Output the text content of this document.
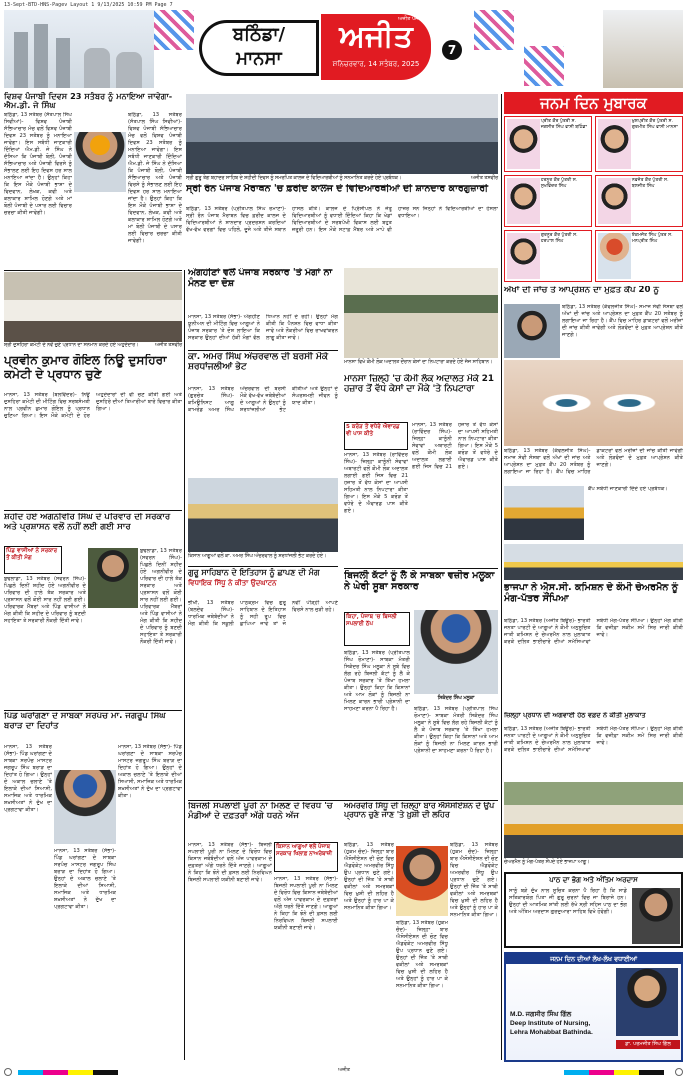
13-Sept-BTD-HNS-Pagev Layout 1 9/13/2025 10:59 PM Page 7
ਬਠਿੰਡਾ/
ਮਾਨਸਾ
ਅਜੀਤ ਪੰਜਾਬ
ਅਜੀਤ
ਸ਼ਨਿਚਰਵਾਰ, 14 ਸਤੰਬਰ, 2025
7
ਵਿਸ਼ਵ ਪੰਜਾਬੀ ਦਿਵਸ 23 ਸਤੰਬਰ ਨੂੰ ਮਨਾਇਆ ਜਾਵੇਗਾ- ਐਮ.ਡੀ. ਜੇ ਸਿੰਘ
ਬਠਿੰਡਾ, 13 ਸਤੰਬਰ (ਸੱਤਪਾਲ ਸਿੰਘ ਸਿਵੀਆਂ)- ਵਿਸ਼ਵ ਪੰਜਾਬੀ ਸੱਭਿਆਚਾਰ ਮੰਚ ਵਲੋਂ ਵਿਸ਼ਵ ਪੰਜਾਬੀ ਦਿਵਸ 23 ਸਤੰਬਰ ਨੂੰ ਮਨਾਇਆ ਜਾਵੇਗਾ। ਇਸ ਸਬੰਧੀ ਜਾਣਕਾਰੀ ਦਿੰਦਿਆਂ ਐਮ.ਡੀ. ਜੇ ਸਿੰਘ ਨੇ ਦੱਸਿਆ ਕਿ ਪੰਜਾਬੀ ਬੋਲੀ, ਪੰਜਾਬੀ ਸੱਭਿਆਚਾਰ ਅਤੇ ਪੰਜਾਬੀ ਵਿਰਸੇ ਨੂੰ ਸੰਭਾਲਣ ਲਈ ਇਹ ਦਿਵਸ ਹਰ ਸਾਲ ਮਨਾਇਆ ਜਾਂਦਾ ਹੈ। ਉਨ੍ਹਾਂ ਕਿਹਾ ਕਿ ਇਸ ਮੌਕੇ ਪੰਜਾਬੀ ਭਾਸ਼ਾ ਦੇ ਵਿਦਵਾਨ, ਲੇਖਕ, ਕਵੀ ਅਤੇ ਕਲਾਕਾਰ ਸ਼ਾਮਿਲ ਹੋਣਗੇ ਅਤੇ ਮਾਂ ਬੋਲੀ ਪੰਜਾਬੀ ਦੇ ਪਸਾਰ ਲਈ ਵਿਚਾਰ ਚਰਚਾ ਕੀਤੀ ਜਾਵੇਗੀ।
ਬਠਿੰਡਾ, 13 ਸਤੰਬਰ (ਸੱਤਪਾਲ ਸਿੰਘ ਸਿਵੀਆਂ)- ਵਿਸ਼ਵ ਪੰਜਾਬੀ ਸੱਭਿਆਚਾਰ ਮੰਚ ਵਲੋਂ ਵਿਸ਼ਵ ਪੰਜਾਬੀ ਦਿਵਸ 23 ਸਤੰਬਰ ਨੂੰ ਮਨਾਇਆ ਜਾਵੇਗਾ। ਇਸ ਸਬੰਧੀ ਜਾਣਕਾਰੀ ਦਿੰਦਿਆਂ ਐਮ.ਡੀ. ਜੇ ਸਿੰਘ ਨੇ ਦੱਸਿਆ ਕਿ ਪੰਜਾਬੀ ਬੋਲੀ, ਪੰਜਾਬੀ ਸੱਭਿਆਚਾਰ ਅਤੇ ਪੰਜਾਬੀ ਵਿਰਸੇ ਨੂੰ ਸੰਭਾਲਣ ਲਈ ਇਹ ਦਿਵਸ ਹਰ ਸਾਲ ਮਨਾਇਆ ਜਾਂਦਾ ਹੈ। ਉਨ੍ਹਾਂ ਕਿਹਾ ਕਿ ਇਸ ਮੌਕੇ ਪੰਜਾਬੀ ਭਾਸ਼ਾ ਦੇ ਵਿਦਵਾਨ, ਲੇਖਕ, ਕਵੀ ਅਤੇ ਕਲਾਕਾਰ ਸ਼ਾਮਿਲ ਹੋਣਗੇ ਅਤੇ ਮਾਂ ਬੋਲੀ ਪੰਜਾਬੀ ਦੇ ਪਸਾਰ ਲਈ ਵਿਚਾਰ ਚਰਚਾ ਕੀਤੀ ਜਾਵੇਗੀ।
ਸ੍ਰੀ ਗੁਰੂ ਤੇਗ ਬਹਾਦਰ ਸਾਹਿਬ ਦੇ ਸ਼ਹੀਦੀ ਦਿਵਸ ਨੂੰ ਸਮਰਪਿਤ ਕਾਲਜ ਦੇ ਵਿਦਿਆਰਥੀਆਂ ਨੂੰ ਸਨਮਾਨਿਤ ਕਰਦੇ ਹੋਏ ਪ੍ਰਬੰਧਕ।	ਅਜੀਤ ਤਸਵੀਰ
ਸ੍ਰੀ ਰੰਨ ਪੰਜਾਬ ਮੈਰਾਥਨ 'ਚ ਫ਼ਰੀਦ ਕਾਲਜ ਦੇ ਵਿਦਿਆਰਥੀਆਂ ਦੀ ਸ਼ਾਨਦਾਰ ਕਾਰਗੁਜ਼ਾਰੀ
ਬਠਿੰਡਾ, 13 ਸਤੰਬਰ (ਪ੍ਰੀਤਪਾਲ ਸਿੰਘ ਰੋਮਾਣਾ)- ਸ੍ਰੀ ਰੰਨ ਪੰਜਾਬ ਮੈਰਾਥਨ ਵਿਚ ਫ਼ਰੀਦ ਕਾਲਜ ਦੇ ਵਿਦਿਆਰਥੀਆਂ ਨੇ ਸ਼ਾਨਦਾਰ ਪ੍ਰਦਰਸ਼ਨ ਕਰਦਿਆਂ ਵੱਖ-ਵੱਖ ਵਰਗਾਂ ਵਿਚ ਪਹਿਲੇ, ਦੂਜੇ ਅਤੇ ਤੀਜੇ ਸਥਾਨ ਹਾਸਲ ਕੀਤੇ। ਕਾਲਜ ਦੇ ਪ੍ਰਿੰਸੀਪਲ ਨੇ ਜੇਤੂ ਵਿਦਿਆਰਥੀਆਂ ਨੂੰ ਵਧਾਈ ਦਿੰਦਿਆਂ ਕਿਹਾ ਕਿ ਖੇਡਾਂ ਵਿਦਿਆਰਥੀਆਂ ਦੇ ਸਰਬਪੱਖੀ ਵਿਕਾਸ ਲਈ ਬਹੁਤ ਜ਼ਰੂਰੀ ਹਨ। ਇਸ ਮੌਕੇ ਸਟਾਫ਼ ਮੈਂਬਰ ਅਤੇ ਮਾਪੇ ਵੀ ਹਾਜ਼ਰ ਸਨ ਜਿਨ੍ਹਾਂ ਨੇ ਵਿਦਿਆਰਥੀਆਂ ਦਾ ਹੌਸਲਾ ਵਧਾਇਆ।
ਸ਼੍ਰੀ ਦੁਸਹਿਰਾ ਕਮੇਟੀ ਦੇ ਨਵੇਂ ਚੁਣੇ ਪ੍ਰਧਾਨ ਦਾ ਸਨਮਾਨ ਕਰਦੇ ਹੋਏ ਅਹੁਦੇਦਾਰ।	ਅਜੀਤ ਤਸਵੀਰ
ਪ੍ਰਵੀਨ ਕੁਮਾਰ ਗੋਇਲ ਨਿਊ ਦੁਸਹਿਰਾ ਕਮੇਟੀ ਦੇ ਪ੍ਰਧਾਨ ਚੁਣੇ
ਮਾਨਸਾ, 13 ਸਤੰਬਰ (ਬਲਵਿੰਦਰ)- ਨਿਊ ਦੁਸਹਿਰਾ ਕਮੇਟੀ ਦੀ ਮੀਟਿੰਗ ਵਿਚ ਸਰਬਸੰਮਤੀ ਨਾਲ ਪ੍ਰਵੀਨ ਕੁਮਾਰ ਗੋਇਲ ਨੂੰ ਪ੍ਰਧਾਨ ਚੁਣਿਆ ਗਿਆ। ਇਸ ਮੌਕੇ ਕਮੇਟੀ ਦੇ ਹੋਰ ਅਹੁਦੇਦਾਰਾਂ ਦੀ ਵੀ ਚੋਣ ਕੀਤੀ ਗਈ ਅਤੇ ਦੁਸਹਿਰੇ ਦੀਆਂ ਤਿਆਰੀਆਂ ਬਾਰੇ ਵਿਚਾਰ ਕੀਤਾ ਗਿਆ।
ਸ਼ਹੀਦ ਹੋਏ ਅਗਨੀਵੀਰ ਸਿੰਘ ਦੇ ਪਰਿਵਾਰ ਦੀ ਸਰਕਾਰ ਅਤੇ ਪ੍ਰਸ਼ਾਸਨ ਵਲੋਂ ਨਹੀਂ ਲਈ ਗਈ ਸਾਰ
ਪਿੰਡ ਵਾਸੀਆਂ ਨੇ ਸਰਕਾਰ ਤੋਂ ਕੀਤੀ ਮੰਗ
ਬੁਢਲਾਡਾ, 13 ਸਤੰਬਰ (ਸਵਰਨ ਸਿੰਘ)- ਪਿਛਲੇ ਦਿਨੀਂ ਸ਼ਹੀਦ ਹੋਏ ਅਗਨੀਵੀਰ ਦੇ ਪਰਿਵਾਰ ਦੀ ਹਾਲੇ ਤੱਕ ਸਰਕਾਰ ਅਤੇ ਪ੍ਰਸ਼ਾਸਨ ਵਲੋਂ ਕੋਈ ਸਾਰ ਨਹੀਂ ਲਈ ਗਈ। ਪਰਿਵਾਰਕ ਮੈਂਬਰਾਂ ਅਤੇ ਪਿੰਡ ਵਾਸੀਆਂ ਨੇ ਮੰਗ ਕੀਤੀ ਕਿ ਸ਼ਹੀਦ ਦੇ ਪਰਿਵਾਰ ਨੂੰ ਬਣਦੀ ਸਹਾਇਤਾ ਤੇ ਸਰਕਾਰੀ ਨੌਕਰੀ ਦਿੱਤੀ ਜਾਵੇ।
ਬੁਢਲਾਡਾ, 13 ਸਤੰਬਰ (ਸਵਰਨ ਸਿੰਘ)- ਪਿਛਲੇ ਦਿਨੀਂ ਸ਼ਹੀਦ ਹੋਏ ਅਗਨੀਵੀਰ ਦੇ ਪਰਿਵਾਰ ਦੀ ਹਾਲੇ ਤੱਕ ਸਰਕਾਰ ਅਤੇ ਪ੍ਰਸ਼ਾਸਨ ਵਲੋਂ ਕੋਈ ਸਾਰ ਨਹੀਂ ਲਈ ਗਈ। ਪਰਿਵਾਰਕ ਮੈਂਬਰਾਂ ਅਤੇ ਪਿੰਡ ਵਾਸੀਆਂ ਨੇ ਮੰਗ ਕੀਤੀ ਕਿ ਸ਼ਹੀਦ ਦੇ ਪਰਿਵਾਰ ਨੂੰ ਬਣਦੀ ਸਹਾਇਤਾ ਤੇ ਸਰਕਾਰੀ ਨੌਕਰੀ ਦਿੱਤੀ ਜਾਵੇ।
ਪਿੰਡ ਘਰਾਂਗਣਾ ਦੇ ਸਾਬਕਾ ਸਰਪੰਚ ਮਾ. ਜਗਰੂਪ ਸਿੰਘ ਬਰਾੜ ਦਾ ਦਿਹਾਂਤ
ਮਾਨਸਾ, 13 ਸਤੰਬਰ (ਸੱਭਾ)- ਪਿੰਡ ਘਰਾਂਗਣਾ ਦੇ ਸਾਬਕਾ ਸਰਪੰਚ ਮਾਸਟਰ ਜਗਰੂਪ ਸਿੰਘ ਬਰਾੜ ਦਾ ਦਿਹਾਂਤ ਹੋ ਗਿਆ। ਉਨ੍ਹਾਂ ਦੇ ਅਕਾਲ ਚਲਾਣੇ 'ਤੇ ਇਲਾਕੇ ਦੀਆਂ ਸਿਆਸੀ, ਸਮਾਜਿਕ ਅਤੇ ਧਾਰਮਿਕ ਸ਼ਖ਼ਸੀਅਤਾਂ ਨੇ ਦੁੱਖ ਦਾ ਪ੍ਰਗਟਾਵਾ ਕੀਤਾ।
ਮਾਨਸਾ, 13 ਸਤੰਬਰ (ਸੱਭਾ)- ਪਿੰਡ ਘਰਾਂਗਣਾ ਦੇ ਸਾਬਕਾ ਸਰਪੰਚ ਮਾਸਟਰ ਜਗਰੂਪ ਸਿੰਘ ਬਰਾੜ ਦਾ ਦਿਹਾਂਤ ਹੋ ਗਿਆ। ਉਨ੍ਹਾਂ ਦੇ ਅਕਾਲ ਚਲਾਣੇ 'ਤੇ ਇਲਾਕੇ ਦੀਆਂ ਸਿਆਸੀ, ਸਮਾਜਿਕ ਅਤੇ ਧਾਰਮਿਕ ਸ਼ਖ਼ਸੀਅਤਾਂ ਨੇ ਦੁੱਖ ਦਾ ਪ੍ਰਗਟਾਵਾ ਕੀਤਾ।
ਮਾਨਸਾ, 13 ਸਤੰਬਰ (ਸੱਭਾ)- ਪਿੰਡ ਘਰਾਂਗਣਾ ਦੇ ਸਾਬਕਾ ਸਰਪੰਚ ਮਾਸਟਰ ਜਗਰੂਪ ਸਿੰਘ ਬਰਾੜ ਦਾ ਦਿਹਾਂਤ ਹੋ ਗਿਆ। ਉਨ੍ਹਾਂ ਦੇ ਅਕਾਲ ਚਲਾਣੇ 'ਤੇ ਇਲਾਕੇ ਦੀਆਂ ਸਿਆਸੀ, ਸਮਾਜਿਕ ਅਤੇ ਧਾਰਮਿਕ ਸ਼ਖ਼ਸੀਅਤਾਂ ਨੇ ਦੁੱਖ ਦਾ ਪ੍ਰਗਟਾਵਾ ਕੀਤਾ।
ਅੰਗਹੀਣਾਂ ਵਲੋਂ ਪੰਜਾਬ ਸਰਕਾਰ 'ਤੇ ਮੰਗਾਂ ਨਾ ਮੰਨਣ ਦਾ ਦੋਸ਼
ਮਾਨਸਾ, 13 ਸਤੰਬਰ (ਸੱਭਾ)- ਅੰਗਹੀਣ ਯੂਨੀਅਨ ਦੀ ਮੀਟਿੰਗ ਵਿਚ ਆਗੂਆਂ ਨੇ ਪੰਜਾਬ ਸਰਕਾਰ 'ਤੇ ਦੋਸ਼ ਲਾਇਆ ਕਿ ਸਰਕਾਰ ਉਨ੍ਹਾਂ ਦੀਆਂ ਹੱਕੀ ਮੰਗਾਂ ਵੱਲ ਧਿਆਨ ਨਹੀਂ ਦੇ ਰਹੀ। ਉਨ੍ਹਾਂ ਮੰਗ ਕੀਤੀ ਕਿ ਪੈਨਸ਼ਨ ਵਿਚ ਵਾਧਾ ਕੀਤਾ ਜਾਵੇ ਅਤੇ ਨੌਕਰੀਆਂ ਵਿਚ ਰਾਖਵਾਂਕਰਨ ਲਾਗੂ ਕੀਤਾ ਜਾਵੇ।
ਮਾਨਸਾ ਵਿਖੇ ਕੌਮੀ ਲੋਕ ਅਦਾਲਤ ਦੌਰਾਨ ਕੇਸਾਂ ਦਾ ਨਿਪਟਾਰਾ ਕਰਦੇ ਹੋਏ ਜੱਜ ਸਾਹਿਬਾਨ।
ਮਾਨਸਾ ਜ਼ਿਲ੍ਹੇ 'ਚ ਕੌਮੀ ਲੋਕ ਅਦਾਲਤ ਮੌਕੇ 21 ਹਜ਼ਾਰ ਤੋਂ ਵੱਧ ਕੇਸਾਂ ਦਾ ਮੌਕੇ 'ਤੇ ਨਿਪਟਾਰਾ
ਕਾ. ਅਮਰ ਸਿੰਘ ਅੰਚਰਵਾਲ ਦੀ ਬਰਸੀ ਮੌਕੇ ਸ਼ਰਧਾਂਜਲੀਆਂ ਭੇਟ
ਮਾਨਸਾ, 13 ਸਤੰਬਰ (ਗੁਰਚੇਤ ਸਿੰਘ)- ਕਮਿਊਨਿਸਟ ਆਗੂ ਕਾਮਰੇਡ ਅਮਰ ਸਿੰਘ ਅੰਚਰਵਾਲ ਦੀ ਬਰਸੀ ਮੌਕੇ ਵੱਖ-ਵੱਖ ਜਥੇਬੰਦੀਆਂ ਦੇ ਆਗੂਆਂ ਨੇ ਉਨ੍ਹਾਂ ਨੂੰ ਸ਼ਰਧਾਂਜਲੀਆਂ ਭੇਟ ਕੀਤੀਆਂ ਅਤੇ ਉਨ੍ਹਾਂ ਦੇ ਸੰਘਰਸ਼ਮਈ ਜੀਵਨ ਨੂੰ ਯਾਦ ਕੀਤਾ।
ਕਿਸਾਨ ਆਗੂਆਂ ਵਲੋਂ ਕਾ. ਅਮਰ ਸਿੰਘ ਅੰਚਰਵਾਲ ਨੂੰ ਸ਼ਰਧਾਂਜਲੀ ਭੇਟ ਕਰਦੇ ਹੋਏ।
5 ਕਰੋੜ ਤੋਂ ਵਧੇਰੇ ਐਵਾਰਡ ਵੀ ਪਾਸ ਕੀਤੇ
ਮਾਨਸਾ, 13 ਸਤੰਬਰ (ਰਾਵਿੰਦਰ ਸਿੰਘ)- ਜ਼ਿਲ੍ਹਾ ਕਾਨੂੰਨੀ ਸੇਵਾਵਾਂ ਅਥਾਰਟੀ ਵਲੋਂ ਕੌਮੀ ਲੋਕ ਅਦਾਲਤ ਲਗਾਈ ਗਈ ਜਿਸ ਵਿਚ 21 ਹਜ਼ਾਰ ਤੋਂ ਵੱਧ ਕੇਸਾਂ ਦਾ ਆਪਸੀ ਸਹਿਮਤੀ ਨਾਲ ਨਿਪਟਾਰਾ ਕੀਤਾ ਗਿਆ। ਇਸ ਮੌਕੇ 5 ਕਰੋੜ ਤੋਂ ਵਧੇਰੇ ਦੇ ਐਵਾਰਡ ਪਾਸ ਕੀਤੇ ਗਏ।
ਮਾਨਸਾ, 13 ਸਤੰਬਰ (ਰਾਵਿੰਦਰ ਸਿੰਘ)- ਜ਼ਿਲ੍ਹਾ ਕਾਨੂੰਨੀ ਸੇਵਾਵਾਂ ਅਥਾਰਟੀ ਵਲੋਂ ਕੌਮੀ ਲੋਕ ਅਦਾਲਤ ਲਗਾਈ ਗਈ ਜਿਸ ਵਿਚ 21 ਹਜ਼ਾਰ ਤੋਂ ਵੱਧ ਕੇਸਾਂ ਦਾ ਆਪਸੀ ਸਹਿਮਤੀ ਨਾਲ ਨਿਪਟਾਰਾ ਕੀਤਾ ਗਿਆ। ਇਸ ਮੌਕੇ 5 ਕਰੋੜ ਤੋਂ ਵਧੇਰੇ ਦੇ ਐਵਾਰਡ ਪਾਸ ਕੀਤੇ ਗਏ।
ਗੁਰੂ ਸਾਹਿਬਾਨ ਦੇ ਇਤਿਹਾਸ ਨੂੰ ਛਾਪਣ ਦੀ ਮੰਗ
ਵਿਧਾਇਕ ਸਿੱਧੂ ਨੇ ਕੀਤਾ ਉਦਘਾਟਨ
ਭੀਖੀ, 13 ਸਤੰਬਰ (ਬਲਦੇਵ ਸਿੰਘ)- ਧਾਰਮਿਕ ਜਥੇਬੰਦੀਆਂ ਨੇ ਮੰਗ ਕੀਤੀ ਕਿ ਸਕੂਲੀ ਪਾਠਕ੍ਰਮ ਵਿਚ ਗੁਰੂ ਸਾਹਿਬਾਨ ਦੇ ਇਤਿਹਾਸ ਨੂੰ ਸਹੀ ਰੂਪ ਵਿਚ ਛਾਪਿਆ ਜਾਵੇ ਤਾਂ ਜੋ ਨਵੀਂ ਪੀੜ੍ਹੀ ਆਪਣੇ ਵਿਰਸੇ ਨਾਲ ਜੁੜੀ ਰਹੇ।
ਬਿਜਲੀ ਕੱਟਾਂ ਨੂੰ ਲੈ ਕੇ ਸਾਬਕਾ ਵਜ਼ੀਰ ਮਲੂਕਾ ਨੇ ਘੇਰੀ ਸੂਬਾ ਸਰਕਾਰ
ਕਿਹਾ, ਪੰਜਾਬ 'ਚ ਬਿਜਲੀ ਸਪਲਾਈ ਠੱਪ
ਸਿਕੰਦਰ ਸਿੰਘ ਮਲੂਕਾ
ਬਠਿੰਡਾ, 13 ਸਤੰਬਰ (ਪ੍ਰੀਤਪਾਲ ਸਿੰਘ ਰੋਮਾਣਾ)- ਸਾਬਕਾ ਮੰਤਰੀ ਸਿਕੰਦਰ ਸਿੰਘ ਮਲੂਕਾ ਨੇ ਸੂਬੇ ਵਿਚ ਲੱਗ ਰਹੇ ਬਿਜਲੀ ਕੱਟਾਂ ਨੂੰ ਲੈ ਕੇ ਪੰਜਾਬ ਸਰਕਾਰ 'ਤੇ ਤਿੱਖਾ ਹਮਲਾ ਕੀਤਾ। ਉਨ੍ਹਾਂ ਕਿਹਾ ਕਿ ਕਿਸਾਨਾਂ ਅਤੇ ਆਮ ਲੋਕਾਂ ਨੂੰ ਬਿਜਲੀ ਨਾ ਮਿਲਣ ਕਾਰਨ ਭਾਰੀ ਪ੍ਰੇਸ਼ਾਨੀ ਦਾ ਸਾਹਮਣਾ ਕਰਨਾ ਪੈ ਰਿਹਾ ਹੈ।	ਬਠਿੰਡਾ, 13 ਸਤੰਬਰ (ਪ੍ਰੀਤਪਾਲ ਸਿੰਘ ਰੋਮਾਣਾ)- ਸਾਬਕਾ ਮੰਤਰੀ ਸਿਕੰਦਰ ਸਿੰਘ ਮਲੂਕਾ ਨੇ ਸੂਬੇ ਵਿਚ ਲੱਗ ਰਹੇ ਬਿਜਲੀ ਕੱਟਾਂ ਨੂੰ ਲੈ ਕੇ ਪੰਜਾਬ ਸਰਕਾਰ 'ਤੇ ਤਿੱਖਾ ਹਮਲਾ ਕੀਤਾ। ਉਨ੍ਹਾਂ ਕਿਹਾ ਕਿ ਕਿਸਾਨਾਂ ਅਤੇ ਆਮ ਲੋਕਾਂ ਨੂੰ ਬਿਜਲੀ ਨਾ ਮਿਲਣ ਕਾਰਨ ਭਾਰੀ ਪ੍ਰੇਸ਼ਾਨੀ ਦਾ ਸਾਹਮਣਾ ਕਰਨਾ ਪੈ ਰਿਹਾ ਹੈ।
ਬਿਜਲੀ ਸਪਲਾਈ ਪੂਰੀ ਨਾ ਮਿਲਣ ਦੇ ਵਿਰੋਧ 'ਚ ਮੰਡੀਆਂ ਦੇ ਦਫ਼ਤਰਾਂ ਅੱਗੇ ਧਰਨੇ ਅੱਜ
ਕਿਸਾਨ ਆਗੂਆਂ ਵਲੋਂ ਪੰਜਾਬ ਸਰਕਾਰ ਖਿਲਾਫ਼ ਨਾਅਰੇਬਾਜ਼ੀ
ਮਾਨਸਾ, 13 ਸਤੰਬਰ (ਸੱਭਾ)- ਬਿਜਲੀ ਸਪਲਾਈ ਪੂਰੀ ਨਾ ਮਿਲਣ ਦੇ ਵਿਰੋਧ ਵਿਚ ਕਿਸਾਨ ਜਥੇਬੰਦੀਆਂ ਵਲੋਂ ਅੱਜ ਪਾਵਰਕਾਮ ਦੇ ਦਫ਼ਤਰਾਂ ਅੱਗੇ ਧਰਨੇ ਦਿੱਤੇ ਜਾਣਗੇ। ਆਗੂਆਂ ਨੇ ਕਿਹਾ ਕਿ ਝੋਨੇ ਦੀ ਫ਼ਸਲ ਲਈ ਨਿਰਵਿਘਨ ਬਿਜਲੀ ਸਪਲਾਈ ਯਕੀਨੀ ਬਣਾਈ ਜਾਵੇ।	ਮਾਨਸਾ, 13 ਸਤੰਬਰ (ਸੱਭਾ)- ਬਿਜਲੀ ਸਪਲਾਈ ਪੂਰੀ ਨਾ ਮਿਲਣ ਦੇ ਵਿਰੋਧ ਵਿਚ ਕਿਸਾਨ ਜਥੇਬੰਦੀਆਂ ਵਲੋਂ ਅੱਜ ਪਾਵਰਕਾਮ ਦੇ ਦਫ਼ਤਰਾਂ ਅੱਗੇ ਧਰਨੇ ਦਿੱਤੇ ਜਾਣਗੇ। ਆਗੂਆਂ ਨੇ ਕਿਹਾ ਕਿ ਝੋਨੇ ਦੀ ਫ਼ਸਲ ਲਈ ਨਿਰਵਿਘਨ ਬਿਜਲੀ ਸਪਲਾਈ ਯਕੀਨੀ ਬਣਾਈ ਜਾਵੇ।
ਅਮਰਵੀਰ ਸਿੱਧੂ ਦੀ ਜ਼ਿਲ੍ਹਾ ਬਾਰ ਐਸੋਸੀਏਸ਼ਨ ਦੇ ਉਪ ਪ੍ਰਧਾਨ ਚੁਣੇ ਜਾਣ 'ਤੇ ਖ਼ੁਸ਼ੀ ਦੀ ਲਹਿਰ
ਬਠਿੰਡਾ, 13 ਸਤੰਬਰ (ਹੁਕਮ ਚੰਦ)- ਜ਼ਿਲ੍ਹਾ ਬਾਰ ਐਸੋਸੀਏਸ਼ਨ ਦੀ ਚੋਣ ਵਿਚ ਐਡਵੋਕੇਟ ਅਮਰਵੀਰ ਸਿੱਧੂ ਉਪ ਪ੍ਰਧਾਨ ਚੁਣੇ ਗਏ। ਉਨ੍ਹਾਂ ਦੀ ਜਿੱਤ 'ਤੇ ਸਾਥੀ ਵਕੀਲਾਂ ਅਤੇ ਸਮਰਥਕਾਂ ਵਿਚ ਖ਼ੁਸ਼ੀ ਦੀ ਲਹਿਰ ਹੈ ਅਤੇ ਉਨ੍ਹਾਂ ਨੂੰ ਹਾਰ ਪਾ ਕੇ ਸਨਮਾਨਿਤ ਕੀਤਾ ਗਿਆ।
ਬਠਿੰਡਾ, 13 ਸਤੰਬਰ (ਹੁਕਮ ਚੰਦ)- ਜ਼ਿਲ੍ਹਾ ਬਾਰ ਐਸੋਸੀਏਸ਼ਨ ਦੀ ਚੋਣ ਵਿਚ ਐਡਵੋਕੇਟ ਅਮਰਵੀਰ ਸਿੱਧੂ ਉਪ ਪ੍ਰਧਾਨ ਚੁਣੇ ਗਏ। ਉਨ੍ਹਾਂ ਦੀ ਜਿੱਤ 'ਤੇ ਸਾਥੀ ਵਕੀਲਾਂ ਅਤੇ ਸਮਰਥਕਾਂ ਵਿਚ ਖ਼ੁਸ਼ੀ ਦੀ ਲਹਿਰ ਹੈ ਅਤੇ ਉਨ੍ਹਾਂ ਨੂੰ ਹਾਰ ਪਾ ਕੇ ਸਨਮਾਨਿਤ ਕੀਤਾ ਗਿਆ।
ਬਠਿੰਡਾ, 13 ਸਤੰਬਰ (ਹੁਕਮ ਚੰਦ)- ਜ਼ਿਲ੍ਹਾ ਬਾਰ ਐਸੋਸੀਏਸ਼ਨ ਦੀ ਚੋਣ ਵਿਚ ਐਡਵੋਕੇਟ ਅਮਰਵੀਰ ਸਿੱਧੂ ਉਪ ਪ੍ਰਧਾਨ ਚੁਣੇ ਗਏ। ਉਨ੍ਹਾਂ ਦੀ ਜਿੱਤ 'ਤੇ ਸਾਥੀ ਵਕੀਲਾਂ ਅਤੇ ਸਮਰਥਕਾਂ ਵਿਚ ਖ਼ੁਸ਼ੀ ਦੀ ਲਹਿਰ ਹੈ ਅਤੇ ਉਨ੍ਹਾਂ ਨੂੰ ਹਾਰ ਪਾ ਕੇ ਸਨਮਾਨਿਤ ਕੀਤਾ ਗਿਆ।
ਜਨਮ ਦਿਨ ਮੁਬਾਰਕ
ਪ੍ਰੀਤ ਕੌਰ ਪੁੱਤਰੀ ਸ. ਜਗਸੀਰ ਸਿੰਘ ਵਾਸੀ ਬਠਿੰਡਾ
ਖ਼ੁਸ਼ਪ੍ਰੀਤ ਕੌਰ ਪੁੱਤਰੀ ਸ. ਗੁਰਮੀਤ ਸਿੰਘ ਵਾਸੀ ਮਾਨਸਾ
ਹਰਨੂਰ ਕੌਰ ਪੁੱਤਰੀ ਸ. ਸੁਖਵਿੰਦਰ ਸਿੰਘ
ਨਵਜੋਤ ਕੌਰ ਪੁੱਤਰੀ ਸ. ਬਲਜੀਤ ਸਿੰਘ
ਗੁਰਨੂਰ ਕੌਰ ਪੁੱਤਰੀ ਸ. ਹਰਪਾਲ ਸਿੰਘ
ਏਕਮਜੋਤ ਸਿੰਘ ਪੁੱਤਰ ਸ. ਮਨਪ੍ਰੀਤ ਸਿੰਘ
ਅੱਖਾਂ ਦੀ ਜਾਂਚ ਤੇ ਆਪ੍ਰੇਸ਼ਨ ਦਾ ਮੁਫ਼ਤ ਕੈਂਪ 20 ਨੂੰ
ਬਠਿੰਡਾ, 13 ਸਤੰਬਰ (ਕੰਵਲਜੀਤ ਸਿੰਘ)- ਸਮਾਜ ਸੇਵੀ ਸੰਸਥਾ ਵਲੋਂ ਅੱਖਾਂ ਦੀ ਜਾਂਚ ਅਤੇ ਆਪ੍ਰੇਸ਼ਨ ਦਾ ਮੁਫ਼ਤ ਕੈਂਪ 20 ਸਤੰਬਰ ਨੂੰ ਲਗਾਇਆ ਜਾ ਰਿਹਾ ਹੈ। ਕੈਂਪ ਵਿਚ ਮਾਹਿਰ ਡਾਕਟਰਾਂ ਵਲੋਂ ਮਰੀਜ਼ਾਂ ਦੀ ਜਾਂਚ ਕੀਤੀ ਜਾਵੇਗੀ ਅਤੇ ਲੋੜਵੰਦਾਂ ਦੇ ਮੁਫ਼ਤ ਆਪ੍ਰੇਸ਼ਨ ਕੀਤੇ ਜਾਣਗੇ।
ਬਠਿੰਡਾ, 13 ਸਤੰਬਰ (ਕੰਵਲਜੀਤ ਸਿੰਘ)- ਸਮਾਜ ਸੇਵੀ ਸੰਸਥਾ ਵਲੋਂ ਅੱਖਾਂ ਦੀ ਜਾਂਚ ਅਤੇ ਆਪ੍ਰੇਸ਼ਨ ਦਾ ਮੁਫ਼ਤ ਕੈਂਪ 20 ਸਤੰਬਰ ਨੂੰ ਲਗਾਇਆ ਜਾ ਰਿਹਾ ਹੈ। ਕੈਂਪ ਵਿਚ ਮਾਹਿਰ ਡਾਕਟਰਾਂ ਵਲੋਂ ਮਰੀਜ਼ਾਂ ਦੀ ਜਾਂਚ ਕੀਤੀ ਜਾਵੇਗੀ ਅਤੇ ਲੋੜਵੰਦਾਂ ਦੇ ਮੁਫ਼ਤ ਆਪ੍ਰੇਸ਼ਨ ਕੀਤੇ ਜਾਣਗੇ।
ਕੈਂਪ ਸਬੰਧੀ ਜਾਣਕਾਰੀ ਦਿੰਦੇ ਹੋਏ ਪ੍ਰਬੰਧਕ।
ਭਾਜਪਾ ਨੇ ਐਸ.ਸੀ. ਕਮਿਸ਼ਨ ਦੇ ਕੌਮੀ ਚੇਅਰਮੈਨ ਨੂੰ ਮੰਗ-ਪੱਤਰ ਸੌਂਪਿਆ
ਬਠਿੰਡਾ, 13 ਸਤੰਬਰ (ਅਜੀਤ ਬਿਊਰੋ)- ਭਾਰਤੀ ਜਨਤਾ ਪਾਰਟੀ ਦੇ ਆਗੂਆਂ ਨੇ ਕੌਮੀ ਅਨੁਸੂਚਿਤ ਜਾਤੀ ਕਮਿਸ਼ਨ ਦੇ ਚੇਅਰਮੈਨ ਨਾਲ ਮੁਲਾਕਾਤ ਕਰਕੇ ਦਲਿਤ ਭਾਈਚਾਰੇ ਦੀਆਂ ਸਮੱਸਿਆਵਾਂ ਸਬੰਧੀ ਮੰਗ-ਪੱਤਰ ਸੌਂਪਿਆ। ਉਨ੍ਹਾਂ ਮੰਗ ਕੀਤੀ ਕਿ ਵਜ਼ੀਫ਼ਾ ਸਕੀਮ ਸਮੇਂ ਸਿਰ ਜਾਰੀ ਕੀਤੀ ਜਾਵੇ।
ਜ਼ਿਲ੍ਹਾ ਪ੍ਰਧਾਨ ਦੀ ਅਗਵਾਈ ਹੇਠ ਵਫ਼ਦ ਨੇ ਕੀਤੀ ਮੁਲਾਕਾਤ
ਬਠਿੰਡਾ, 13 ਸਤੰਬਰ (ਅਜੀਤ ਬਿਊਰੋ)- ਭਾਰਤੀ ਜਨਤਾ ਪਾਰਟੀ ਦੇ ਆਗੂਆਂ ਨੇ ਕੌਮੀ ਅਨੁਸੂਚਿਤ ਜਾਤੀ ਕਮਿਸ਼ਨ ਦੇ ਚੇਅਰਮੈਨ ਨਾਲ ਮੁਲਾਕਾਤ ਕਰਕੇ ਦਲਿਤ ਭਾਈਚਾਰੇ ਦੀਆਂ ਸਮੱਸਿਆਵਾਂ ਸਬੰਧੀ ਮੰਗ-ਪੱਤਰ ਸੌਂਪਿਆ। ਉਨ੍ਹਾਂ ਮੰਗ ਕੀਤੀ ਕਿ ਵਜ਼ੀਫ਼ਾ ਸਕੀਮ ਸਮੇਂ ਸਿਰ ਜਾਰੀ ਕੀਤੀ ਜਾਵੇ।
ਚੇਅਰਮੈਨ ਨੂੰ ਮੰਗ-ਪੱਤਰ ਸੌਂਪਦੇ ਹੋਏ ਭਾਜਪਾ ਆਗੂ।
ਪਾਠ ਦਾ ਭੋਗ ਅਤੇ ਅੰਤਿਮ ਅਰਦਾਸ
ਸਾਨੂੰ ਬੜੇ ਦੁੱਖ ਨਾਲ ਸੂਚਿਤ ਕਰਨਾ ਪੈ ਰਿਹਾ ਹੈ ਕਿ ਸਾਡੇ ਸਤਿਕਾਰਯੋਗ ਪਿਤਾ ਜੀ ਗੁਰੂ ਚਰਨਾਂ ਵਿਚ ਜਾ ਬਿਰਾਜੇ ਹਨ। ਉਨ੍ਹਾਂ ਦੀ ਆਤਮਿਕ ਸ਼ਾਂਤੀ ਲਈ ਰੱਖੇ ਸ੍ਰੀ ਸਹਿਜ ਪਾਠ ਦਾ ਭੋਗ ਅਤੇ ਅੰਤਿਮ ਅਰਦਾਸ ਗੁਰਦੁਆਰਾ ਸਾਹਿਬ ਵਿਖੇ ਹੋਵੇਗੀ।
ਜਨਮ ਦਿਨ ਦੀਆਂ ਲੱਖ-ਲੱਖ ਵਧਾਈਆਂ
M.D. ਜਗਸੀਰ ਸਿੰਘ ਗਿੱਲ
Deep Institute of Nursing,
Lehra Mohabbat Bathinda.
ਡਾ. ਪਰਮਜੀਤ ਸਿੰਘ ਗਿੱਲ
ਅਜੀਤ
